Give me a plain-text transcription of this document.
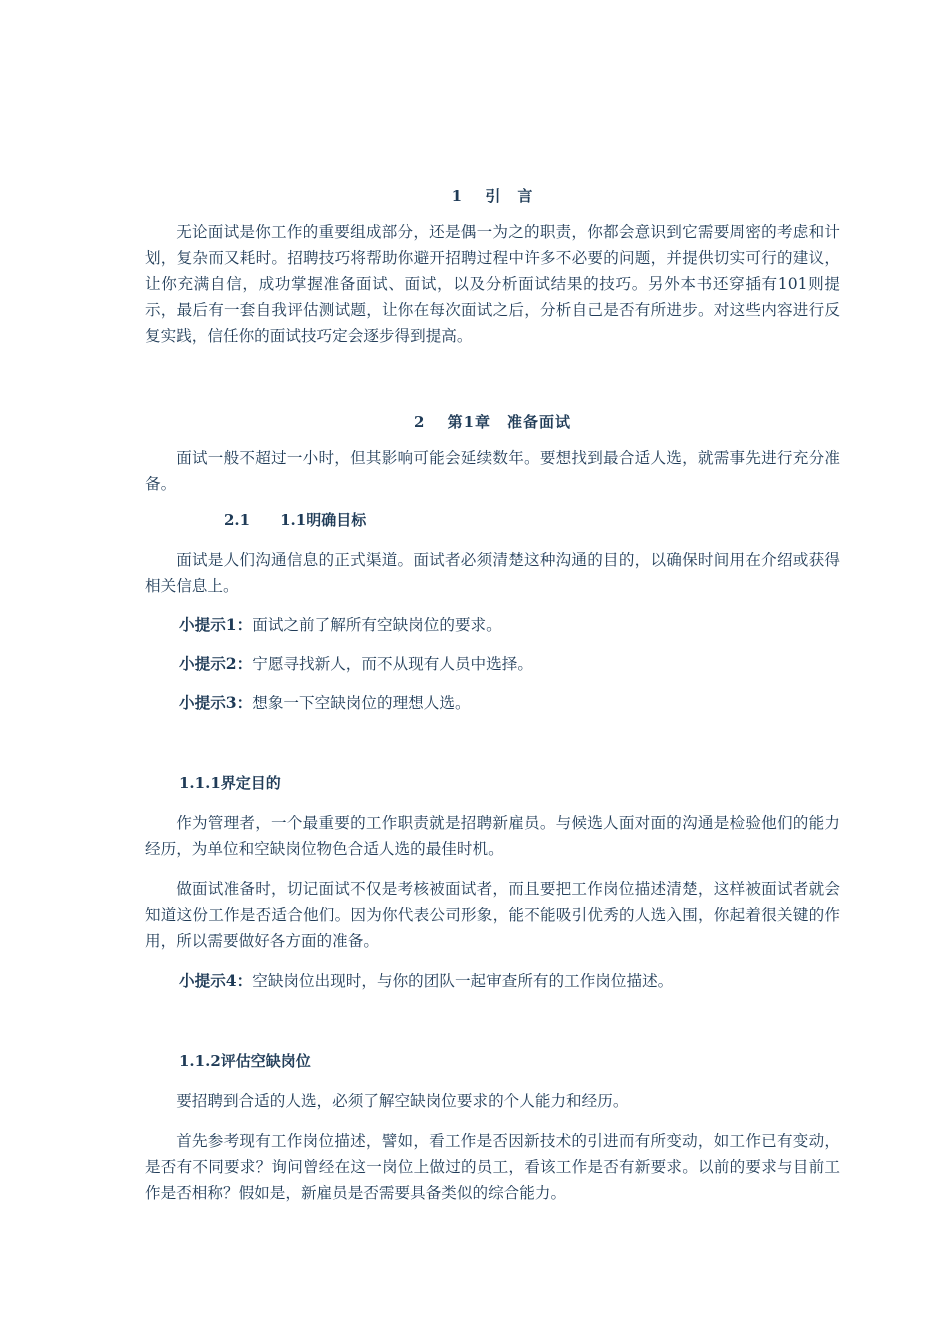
1　 引　言

无论面试是你工作的重要组成部分，还是偶一为之的职责，你都会意识到它需要周密的考虑和计划，复杂而又耗时。招聘技巧将帮助你避开招聘过程中许多不必要的问题，并提供切实可行的建议，让你充满自信，成功掌握准备面试、面试，以及分析面试结果的技巧。另外本书还穿插有101则提示，最后有一套自我评估测试题，让你在每次面试之后，分析自己是否有所进步。对这些内容进行反复实践，信任你的面试技巧定会逐步得到提高。

2　 第1章　准备面试

面试一般不超过一小时，但其影响可能会延续数年。要想找到最合适人选，就需事先进行充分准备。

2.1　　1.1明确目标

面试是人们沟通信息的正式渠道。面试者必须清楚这种沟通的目的，以确保时间用在介绍或获得相关信息上。

小提示1：面试之前了解所有空缺岗位的要求。
小提示2：宁愿寻找新人，而不从现有人员中选择。
小提示3：想象一下空缺岗位的理想人选。
1.1.1界定目的

作为管理者，一个最重要的工作职责就是招聘新雇员。与候选人面对面的沟通是检验他们的能力经历，为单位和空缺岗位物色合适人选的最佳时机。

做面试准备时，切记面试不仅是考核被面试者，而且要把工作岗位描述清楚，这样被面试者就会知道这份工作是否适合他们。因为你代表公司形象，能不能吸引优秀的人选入围，你起着很关键的作用，所以需要做好各方面的准备。

小提示4：空缺岗位出现时，与你的团队一起审查所有的工作岗位描述。
1.1.2评估空缺岗位

要招聘到合适的人选，必须了解空缺岗位要求的个人能力和经历。

首先参考现有工作岗位描述，譬如，看工作是否因新技术的引进而有所变动，如工作已有变动，是否有不同要求？询问曾经在这一岗位上做过的员工，看该工作是否有新要求。以前的要求与目前工作是否相称？假如是，新雇员是否需要具备类似的综合能力。
